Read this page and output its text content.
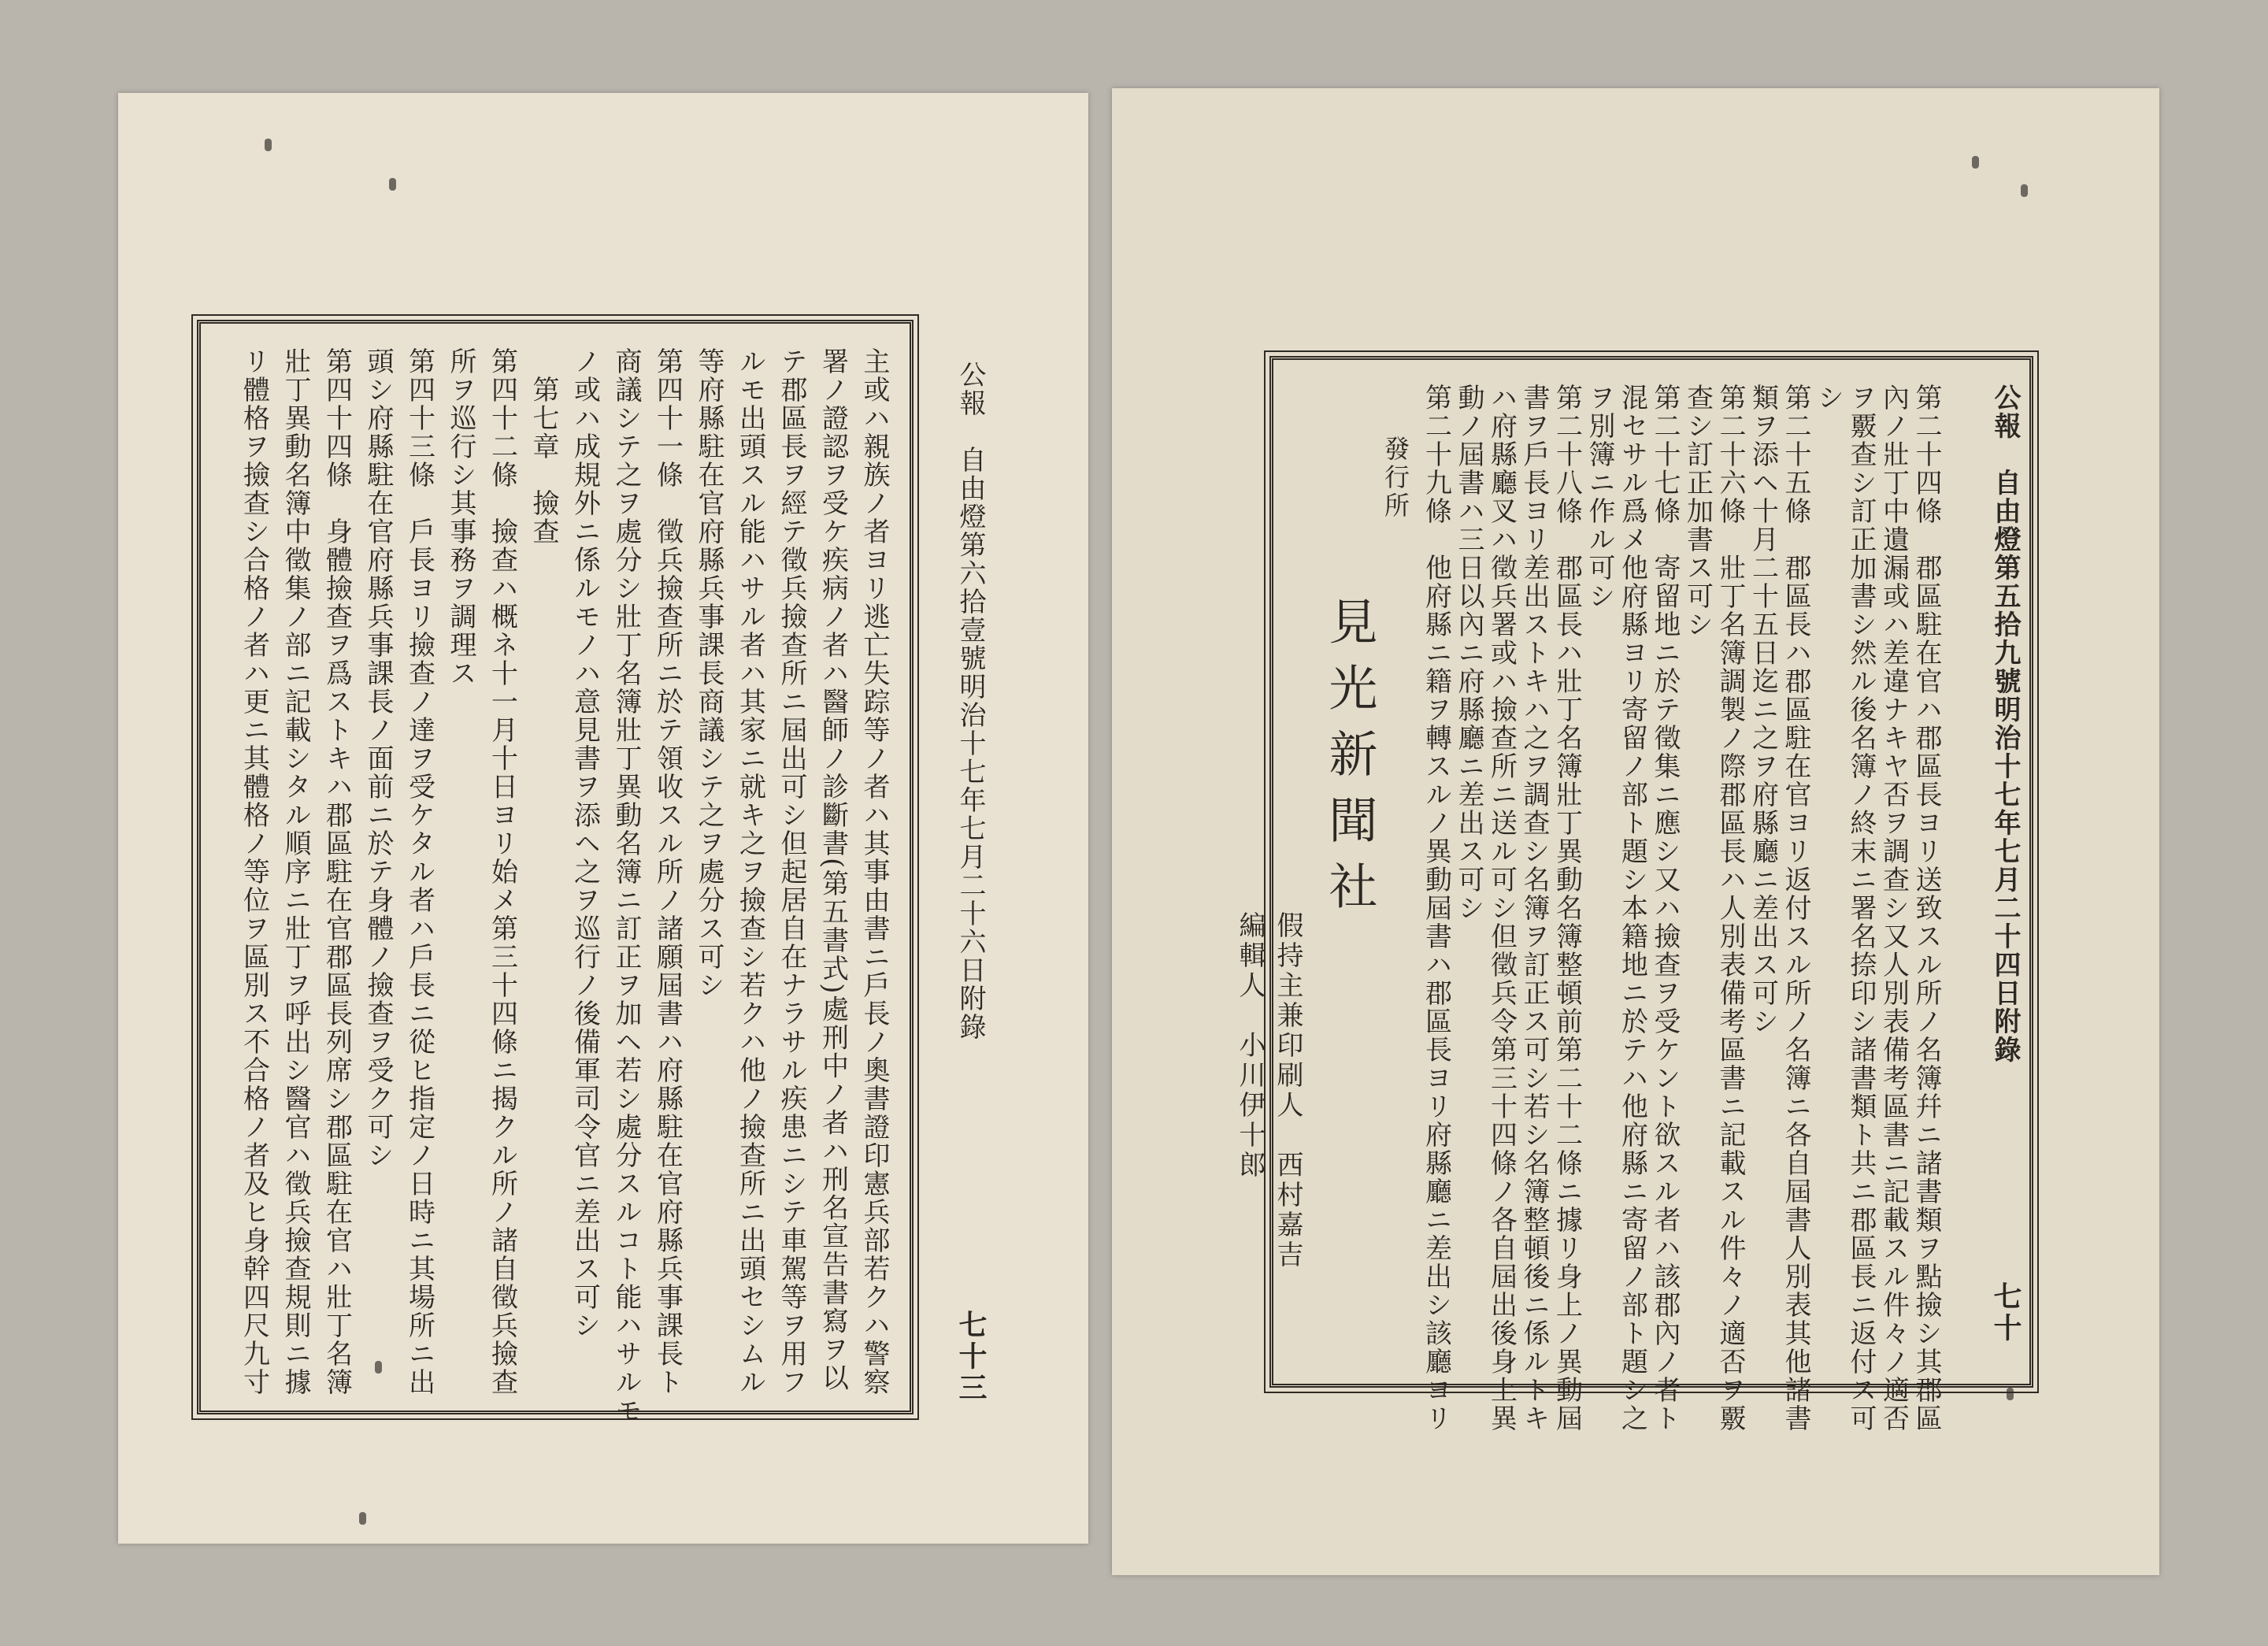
主或ハ親族ノ者ヨリ逃亡失踪等ノ者ハ其事由書ニ戶長ノ奧書證印憲兵部若クハ警察
署ノ證認ヲ受ケ疾病ノ者ハ醫師ノ診斷書(第五書式)處刑中ノ者ハ刑名宣告書寫ヲ以
テ郡區長ヲ經テ徵兵撿查所ニ屆出可シ但起居自在ナラサル疾患ニシテ車駕等ヲ用フ
ルモ出頭スル能ハサル者ハ其家ニ就キ之ヲ撿查シ若クハ他ノ撿查所ニ出頭セシムル
等府縣駐在官府縣兵事課長商議シテ之ヲ處分ス可シ
第四十一條　徵兵撿查所ニ於テ領收スル所ノ諸願屆書ハ府縣駐在官府縣兵事課長ト
商議シテ之ヲ處分シ壯丁名簿壯丁異動名簿ニ訂正ヲ加ヘ若シ處分スルコト能ハサルモ
ノ或ハ成規外ニ係ルモノハ意見書ヲ添ヘ之ヲ巡行ノ後備軍司令官ニ差出ス可シ
　第七章　撿查
第四十二條　撿查ハ概ネ十一月十日ヨリ始メ第三十四條ニ揭クル所ノ諸自徵兵撿查
所ヲ巡行シ其事務ヲ調理ス
第四十三條　戶長ヨリ撿查ノ達ヲ受ケタル者ハ戶長ニ從ヒ指定ノ日時ニ其場所ニ出
頭シ府縣駐在官府縣兵事課長ノ面前ニ於テ身體ノ撿查ヲ受ク可シ
第四十四條　身體撿查ヲ爲ストキハ郡區駐在官郡區長列席シ郡區駐在官ハ壯丁名簿
壯丁異動名簿中徵集ノ部ニ記載シタル順序ニ壯丁ヲ呼出シ醫官ハ徵兵撿查規則ニ據
リ體格ヲ撿查シ合格ノ者ハ更ニ其體格ノ等位ヲ區別ス不合格ノ者及ヒ身幹四尺九寸	公報　自由燈第六拾壹號明治十七年七月二十六日附錄
七十三
公報　自由燈第五拾九號明治十七年七月二十四日附錄
七十
第二十四條　郡區駐在官ハ郡區長ヨリ送致スル所ノ名簿幷ニ諸書類ヲ點撿シ其郡區
內ノ壯丁中遺漏或ハ差違ナキヤ否ヲ調查シ又人別表備考區書ニ記載スル件々ノ適否
ヲ覈查シ訂正加書シ然ル後名簿ノ終末ニ署名捺印シ諸書類ト共ニ郡區長ニ返付ス可
シ
第二十五條　郡區長ハ郡區駐在官ヨリ返付スル所ノ名簿ニ各自屆書人別表其他諸書
類ヲ添ヘ十月二十五日迄ニ之ヲ府縣廳ニ差出ス可シ
第二十六條　壯丁名簿調製ノ際郡區長ハ人別表備考區書ニ記載スル件々ノ適否ヲ覈
查シ訂正加書ス可シ
第二十七條　寄留地ニ於テ徵集ニ應シ又ハ撿查ヲ受ケント欲スル者ハ該郡內ノ者ト
混セサル爲メ他府縣ヨリ寄留ノ部ト題シ本籍地ニ於テハ他府縣ニ寄留ノ部ト題シ之
ヲ別簿ニ作ル可シ
第二十八條　郡區長ハ壯丁名簿壯丁異動名簿整頓前第二十二條ニ據リ身上ノ異動屆
書ヲ戶長ヨリ差出ストキハ之ヲ調查シ名簿ヲ訂正ス可シ若シ名簿整頓後ニ係ルトキ
ハ府縣廳叉ハ徵兵署或ハ撿查所ニ送ル可シ但徵兵令第三十四條ノ各自屆出後身上異
動ノ屆書ハ三日以內ニ府縣廳ニ差出ス可シ
第二十九條　他府縣ニ籍ヲ轉スルノ異動屆書ハ郡區長ヨリ府縣廳ニ差出シ該廳ヨリ
發行所
見光新聞社
假持主兼印刷人　西村嘉吉
編輯人　小川伊十郎
